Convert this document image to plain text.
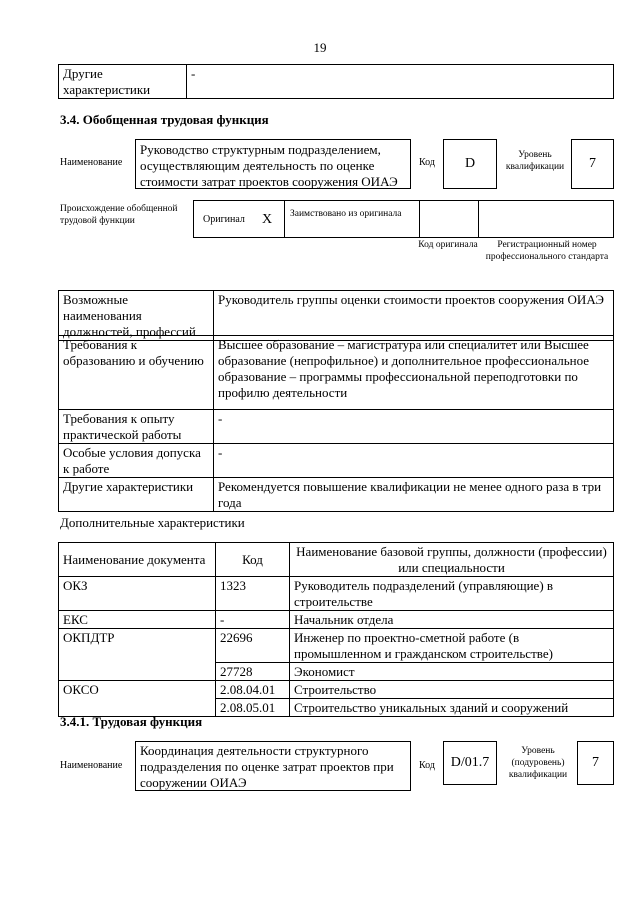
19
Другие характеристики	-
3.4. Обобщенная трудовая функция
Наименование
Руководство структурным подразделением, осуществляющим деятельность по оценке стоимости затрат проектов сооружения ОИАЭ
Код	D
Уровень квалификации	7
Происхождение обобщенной трудовой функции	Оригинал X Заимствовано из оригинала
Код оригинала	Регистрационный номер профессионального стандарта
Возможные наименования должностей, профессий	Руководитель группы оценки стоимости проектов сооружения ОИАЭ
Требования к образованию и обучению	Высшее образование – магистратура или специалитет или Высшее образование (непрофильное) и дополнительное профессиональное образование – программы профессиональной переподготовки по профилю деятельности
Требования к опыту практической работы	-
Особые условия допуска к работе	-
Другие характеристики	Рекомендуется повышение квалификации не менее одного раза в три года
Дополнительные характеристики
Наименование документа	Код	Наименование базовой группы, должности (профессии) или специальности
ОКЗ	1323	Руководитель подразделений (управляющие) в строительстве
ЕКС	-	Начальник отдела
ОКПДТР	22696	Инженер по проектно-сметной работе (в промышленном и гражданском строительстве)
	27728	Экономист
ОКСО	2.08.04.01	Строительство
	2.08.05.01	Строительство уникальных зданий и сооружений
3.4.1. Трудовая функция
Наименование
Координация деятельности структурного подразделения по оценке затрат проектов при сооружении ОИАЭ
Код	D/01.7
Уровень (подуровень) квалификации
7
